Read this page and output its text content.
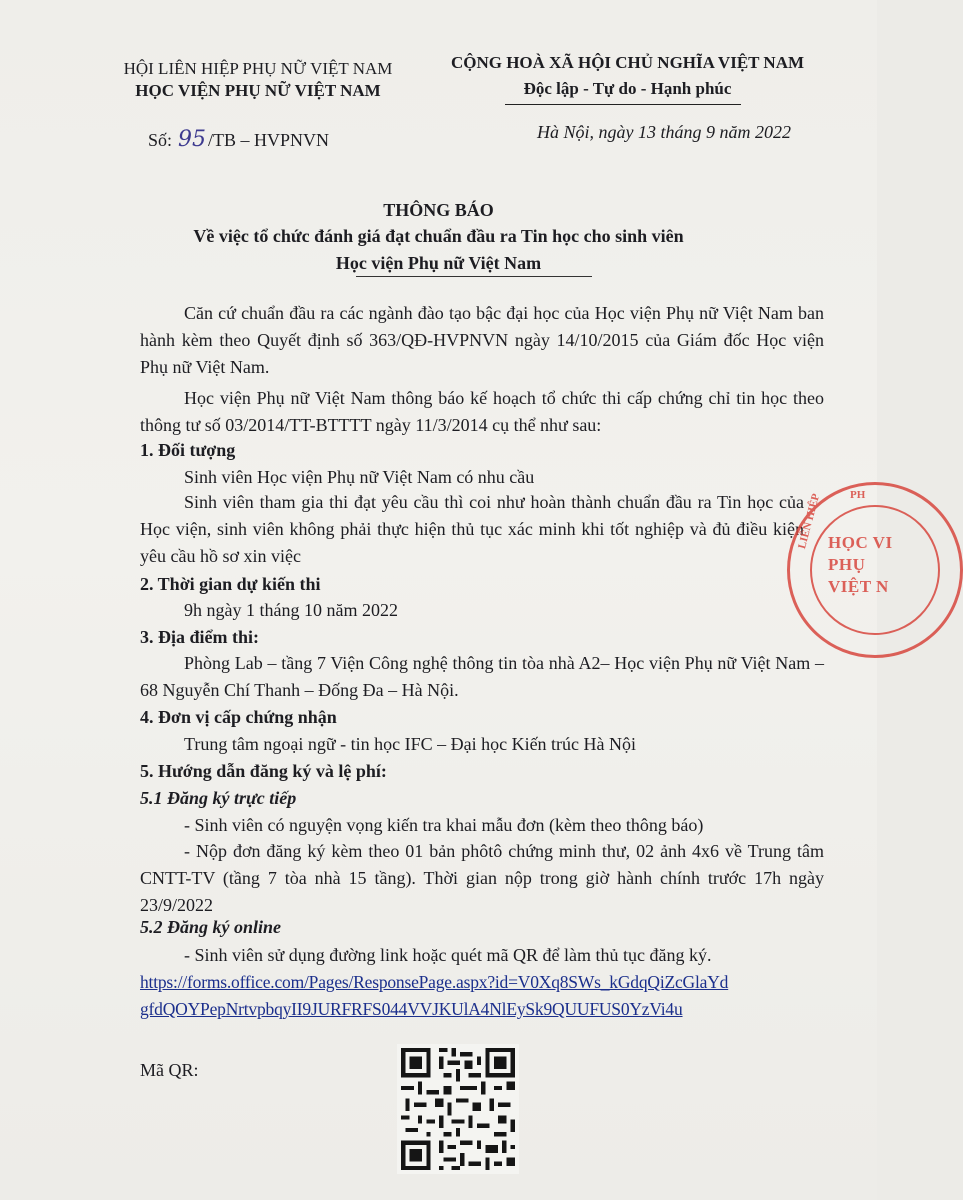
HỘI LIÊN HIỆP PHỤ NỮ VIỆT NAM
HỌC VIỆN PHỤ NỮ VIỆT NAM
CỘNG HOÀ XÃ HỘI CHỦ NGHĨA VIỆT NAM
Độc lập - Tự do - Hạnh phúc
Số: 95 /TB – HVPNVN	Hà Nội, ngày 13 tháng 9 năm 2022
THÔNG BÁO
Về việc tổ chức đánh giá đạt chuẩn đầu ra Tin học cho sinh viên
Học viện Phụ nữ Việt Nam
Căn cứ chuẩn đầu ra các ngành đào tạo bậc đại học của Học viện Phụ nữ Việt Nam ban hành kèm theo Quyết định số 363/QĐ-HVPNVN ngày 14/10/2015 của Giám đốc Học viện Phụ nữ Việt Nam.
Học viện Phụ nữ Việt Nam thông báo kế hoạch tổ chức thi cấp chứng chỉ tin học theo thông tư số 03/2014/TT-BTTTT ngày 11/3/2014 cụ thể như sau:
1. Đối tượng
Sinh viên Học viện Phụ nữ Việt Nam có nhu cầu
Sinh viên tham gia thi đạt yêu cầu thì coi như hoàn thành chuẩn đầu ra Tin học của Học viện, sinh viên không phải thực hiện thủ tục xác minh khi tốt nghiệp và đủ điều kiện yêu cầu hồ sơ xin việc
2. Thời gian dự kiến thi
9h ngày 1 tháng 10 năm 2022
3. Địa điểm thi:
Phòng Lab – tầng 7 Viện Công nghệ thông tin tòa nhà A2– Học viện Phụ nữ Việt Nam – 68 Nguyễn Chí Thanh – Đống Đa – Hà Nội.
4. Đơn vị cấp chứng nhận
Trung tâm ngoại ngữ - tin học IFC – Đại học Kiến trúc Hà Nội
5. Hướng dẫn đăng ký và lệ phí:
5.1 Đăng ký trực tiếp
- Sinh viên có nguyện vọng kiến tra khai mẫu đơn (kèm theo thông báo)
- Nộp đơn đăng ký kèm theo 01 bản phôtô chứng minh thư, 02 ảnh 4x6 về Trung tâm CNTT-TV (tầng 7 tòa nhà 15 tầng). Thời gian nộp trong giờ hành chính trước 17h ngày 23/9/2022
5.2 Đăng ký online
- Sinh viên sử dụng đường link hoặc quét mã QR để làm thủ tục đăng ký.
https://forms.office.com/Pages/ResponsePage.aspx?id=V0Xq8SWs_kGdqQiZcGlaYd
gfdQOYPepNrtvpbqyII9JURFRFS044VVJKUlA4NlEySk9QUUFUS0YzVi4u
Mã QR:
PH
LIÊN HIỆP HỌC VI
PHỤ
VIỆT N
